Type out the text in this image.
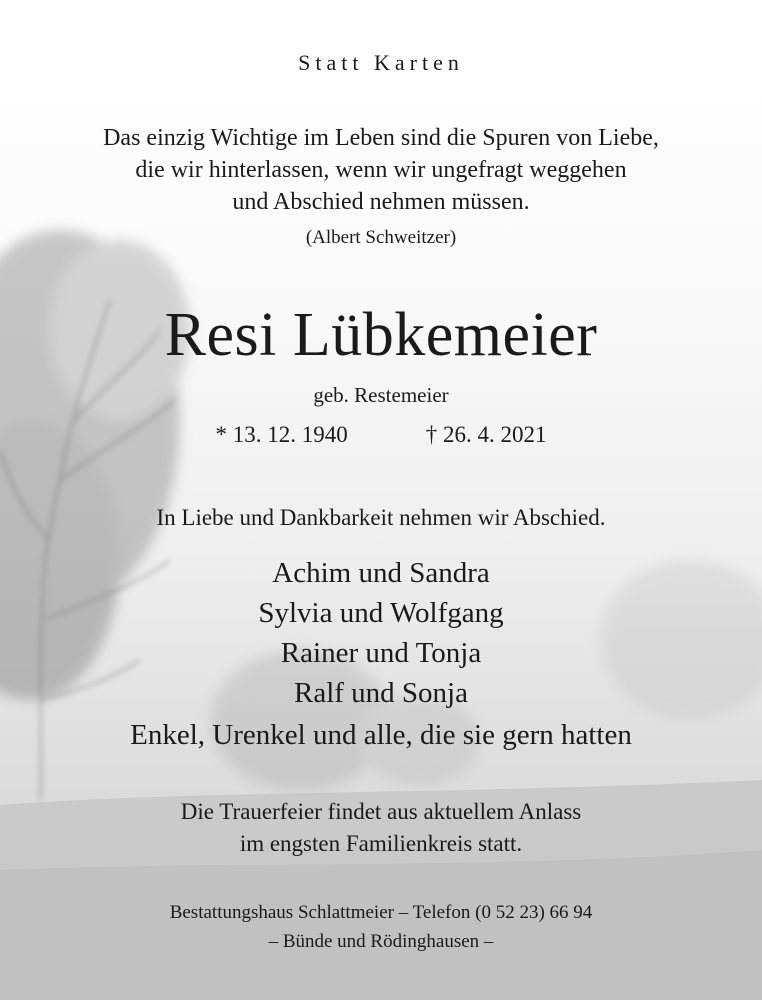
Statt Karten
Das einzig Wichtige im Leben sind die Spuren von Liebe,
die wir hinterlassen, wenn wir ungefragt weggehen
und Abschied nehmen müssen.
(Albert Schweitzer)
Resi Lübkemeier
geb. Restemeier
* 13. 12. 1940	† 26. 4. 2021
In Liebe und Dankbarkeit nehmen wir Abschied.
Achim und Sandra
Sylvia und Wolfgang
Rainer und Tonja
Ralf und Sonja
Enkel, Urenkel und alle, die sie gern hatten
Die Trauerfeier findet aus aktuellem Anlass
im engsten Familienkreis statt.
Bestattungshaus Schlattmeier – Telefon (0 52 23) 66 94
– Bünde und Rödinghausen –
